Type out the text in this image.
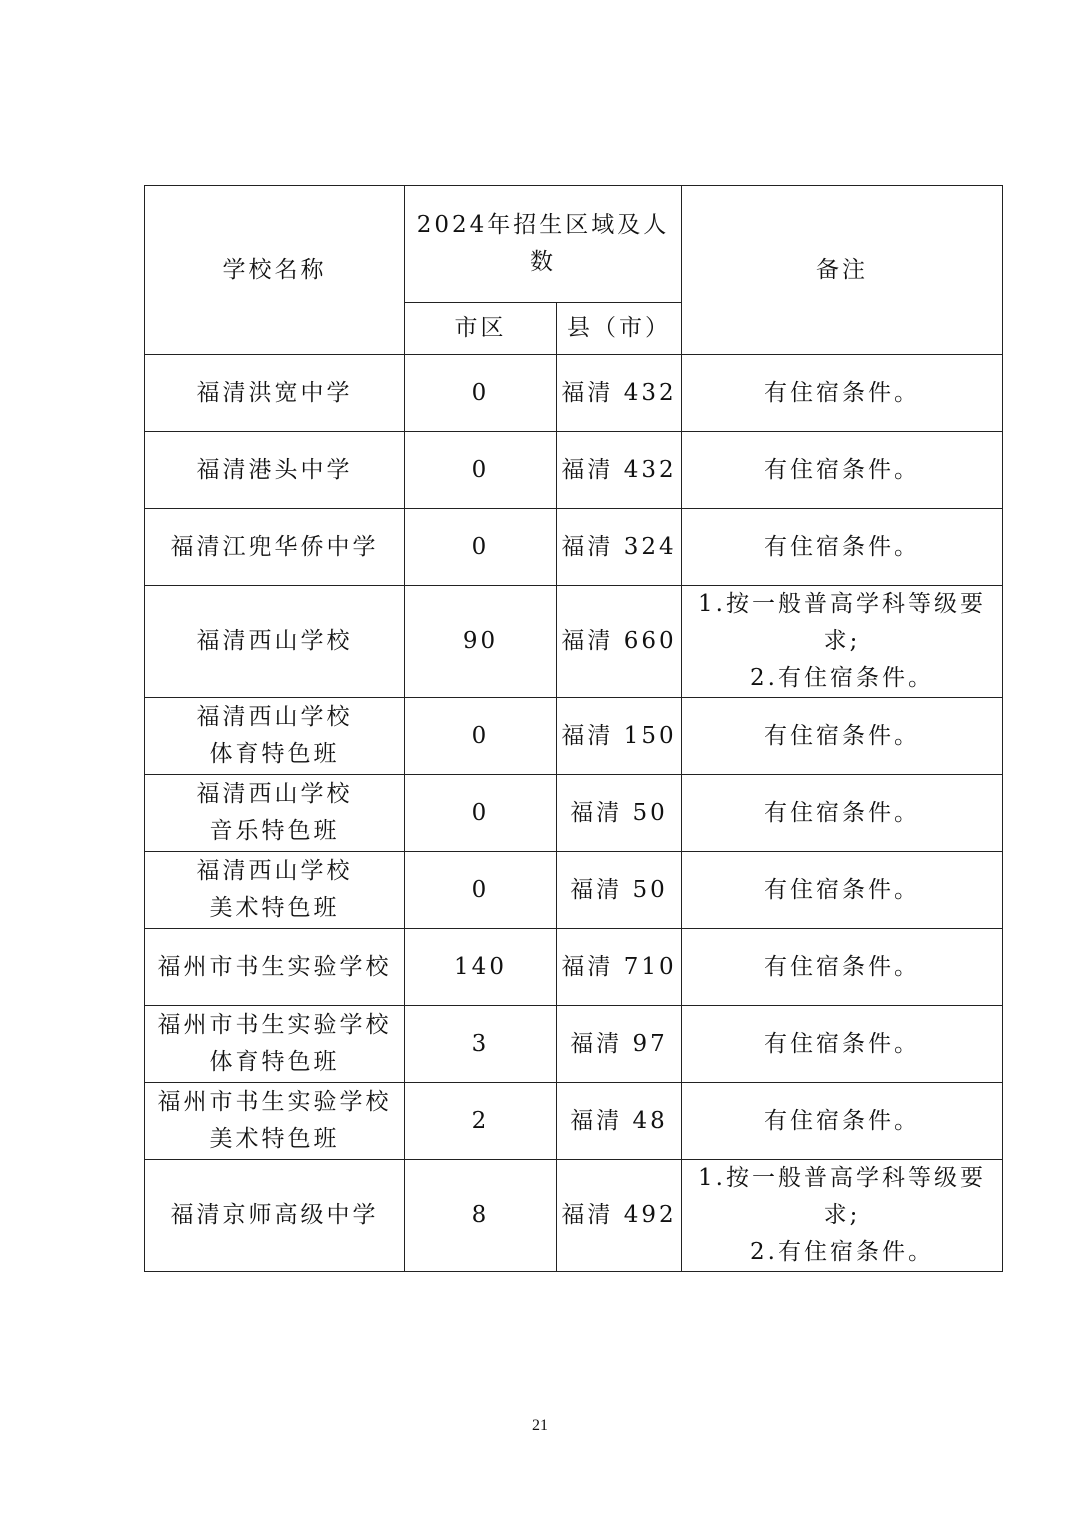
学校名称	2024年招生区域及人数		备注
	市区	县（市）	
福清洪宽中学	0	福清 432	有住宿条件。
福清港头中学	0	福清 432	有住宿条件。
福清江兜华侨中学	0	福清 324	有住宿条件。
福清西山学校	90	福清 660	1.按一般普高学科等级要求;
2.有住宿条件。
福清西山学校
体育特色班	0	福清 150	有住宿条件。
福清西山学校
音乐特色班	0	福清 50	有住宿条件。
福清西山学校
美术特色班	0	福清 50	有住宿条件。
福州市书生实验学校	140	福清 710	有住宿条件。
福州市书生实验学校
体育特色班	3	福清 97	有住宿条件。
福州市书生实验学校
美术特色班	2	福清 48	有住宿条件。
福清京师高级中学	8	福清 492	1.按一般普高学科等级要求;
2.有住宿条件。
21
